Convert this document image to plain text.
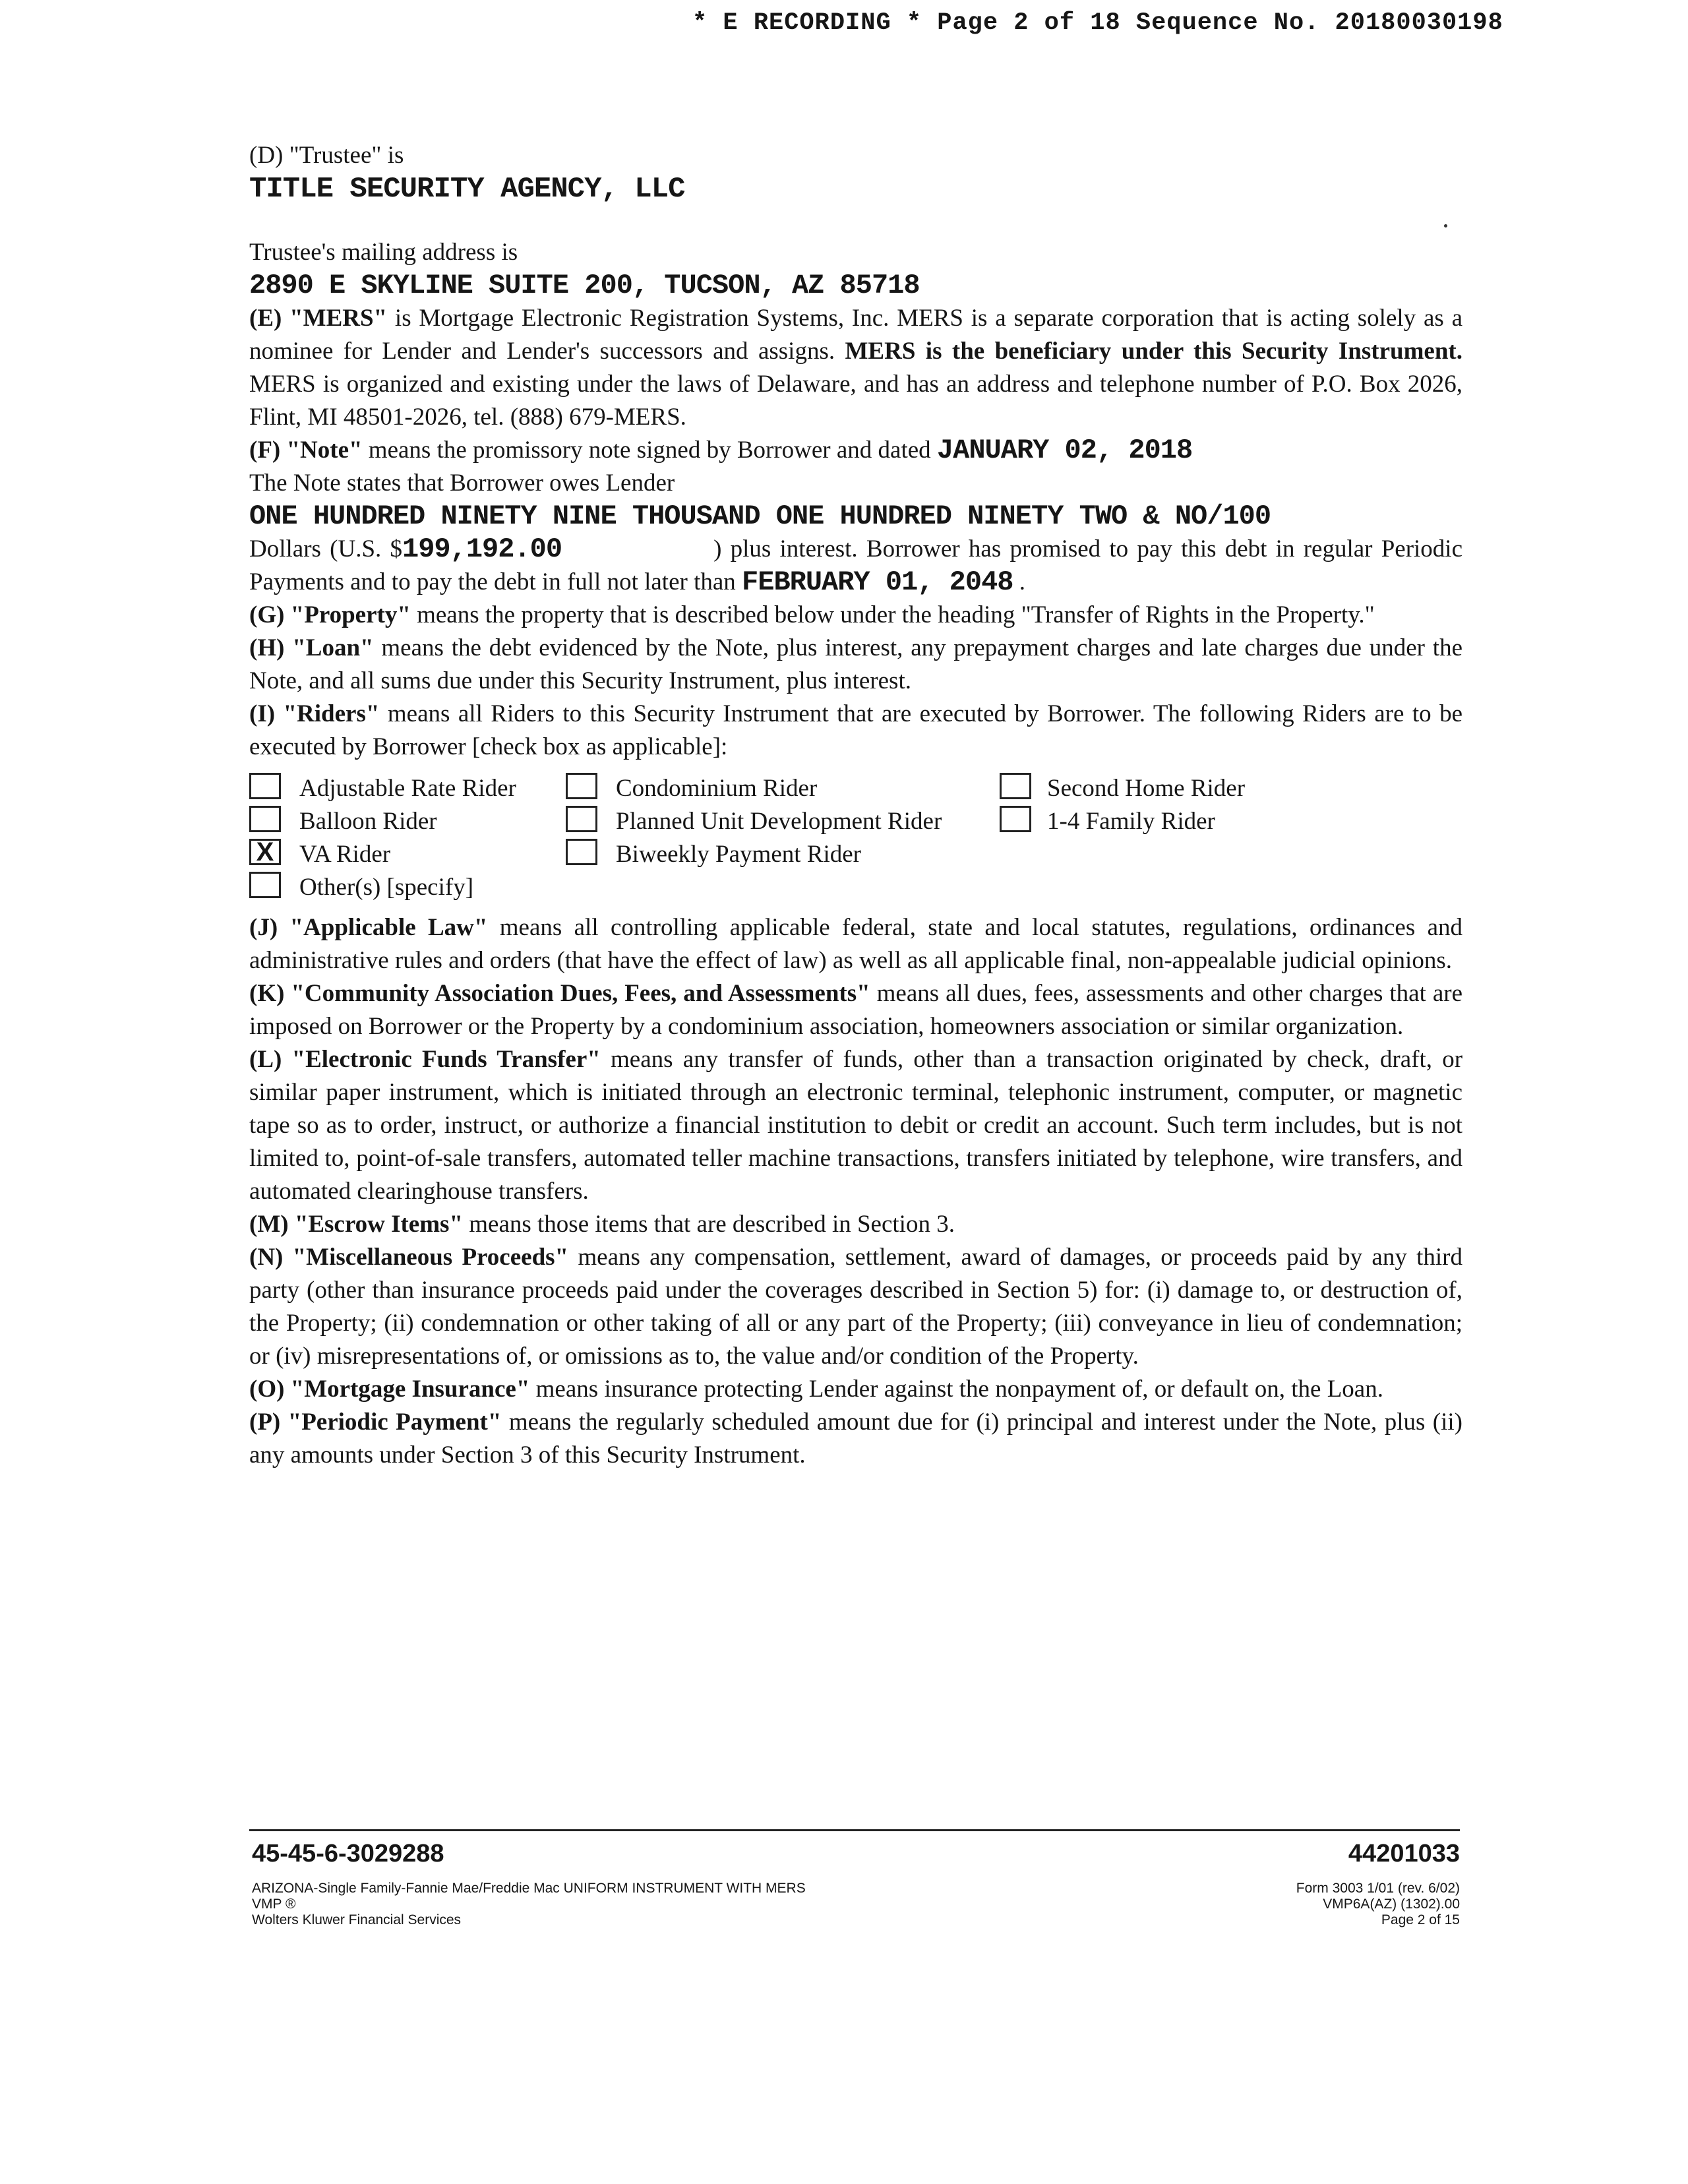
* E RECORDING * Page 2 of 18 Sequence No. 20180030198
(D) "Trustee" is
TITLE SECURITY AGENCY, LLC

Trustee's mailing address is

2890 E SKYLINE SUITE 200, TUCSON, AZ 85718

(E) "MERS" is Mortgage Electronic Registration Systems, Inc. MERS is a separate corporation that is acting solely as a nominee for Lender and Lender's successors and assigns. MERS is the beneficiary under this Security Instrument. MERS is organized and existing under the laws of Delaware, and has an address and telephone number of P.O. Box 2026, Flint, MI 48501-2026, tel. (888) 679-MERS.

(F) "Note" means the promissory note signed by Borrower and dated JANUARY 02, 2018

The Note states that Borrower owes Lender

ONE HUNDRED NINETY NINE THOUSAND ONE HUNDRED NINETY TWO & NO/100

Dollars (U.S. $199,192.00	) plus interest. Borrower has promised to pay this debt in regular Periodic Payments and to pay the debt in full not later than FEBRUARY 01, 2048 .

(G) "Property" means the property that is described below under the heading "Transfer of Rights in the Property."

(H) "Loan" means the debt evidenced by the Note, plus interest, any prepayment charges and late charges due under the Note, and all sums due under this Security Instrument, plus interest.

(I) "Riders" means all Riders to this Security Instrument that are executed by Borrower. The following Riders are to be executed by Borrower [check box as applicable]:

Adjustable Rate Rider	Condominium Rider	Second Home Rider
Balloon Rider	Planned Unit Development Rider	1-4 Family Rider
X VA Rider	Biweekly Payment Rider
Other(s) [specify]

(J) "Applicable Law" means all controlling applicable federal, state and local statutes, regulations, ordinances and administrative rules and orders (that have the effect of law) as well as all applicable final, non-appealable judicial opinions.

(K) "Community Association Dues, Fees, and Assessments" means all dues, fees, assessments and other charges that are imposed on Borrower or the Property by a condominium association, homeowners association or similar organization.

(L) "Electronic Funds Transfer" means any transfer of funds, other than a transaction originated by check, draft, or similar paper instrument, which is initiated through an electronic terminal, telephonic instrument, computer, or magnetic tape so as to order, instruct, or authorize a financial institution to debit or credit an account. Such term includes, but is not limited to, point-of-sale transfers, automated teller machine transactions, transfers initiated by telephone, wire transfers, and automated clearinghouse transfers.

(M) "Escrow Items" means those items that are described in Section 3.

(N) "Miscellaneous Proceeds" means any compensation, settlement, award of damages, or proceeds paid by any third party (other than insurance proceeds paid under the coverages described in Section 5) for: (i) damage to, or destruction of, the Property; (ii) condemnation or other taking of all or any part of the Property; (iii) conveyance in lieu of condemnation; or (iv) misrepresentations of, or omissions as to, the value and/or condition of the Property.

(O) "Mortgage Insurance" means insurance protecting Lender against the nonpayment of, or default on, the Loan.

(P) "Periodic Payment" means the regularly scheduled amount due for (i) principal and interest under the Note, plus (ii) any amounts under Section 3 of this Security Instrument.

45-45-6-3029288	44201033
ARIZONA-Single Family-Fannie Mae/Freddie Mac UNIFORM INSTRUMENT WITH MERS
VMP ®
Wolters Kluwer Financial Services
Form 3003 1/01 (rev. 6/02)
VMP6A(AZ) (1302).00
Page 2 of 15
